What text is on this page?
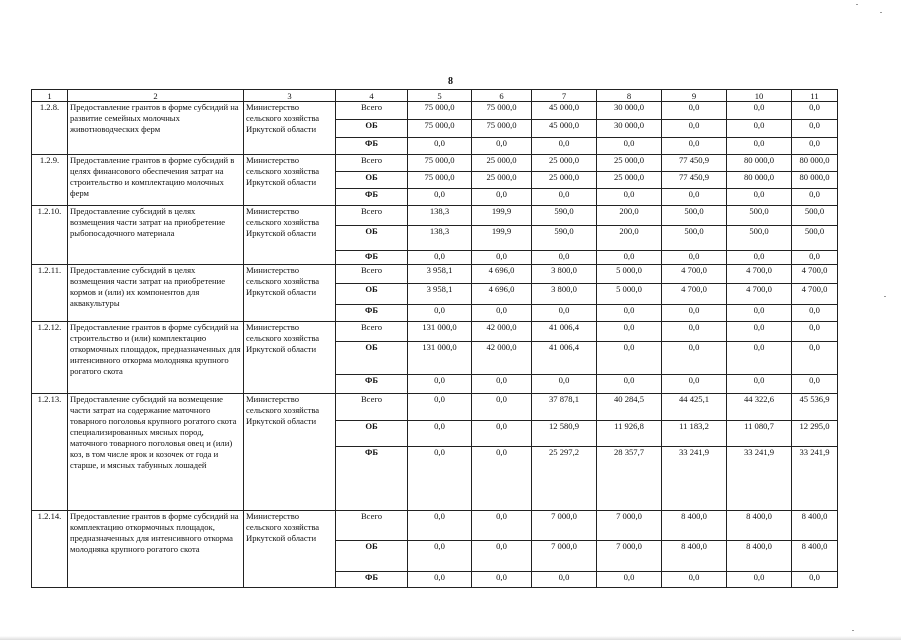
8
1	2	3	4	5	6	7	8	9	10	11
1.2.8.	Предоставление грантов в форме субсидий на развитие семейных молочных животноводческих ферм	Министерство сельского хозяйства Иркутской области	Всего	75 000,0	75 000,0	45 000,0	30 000,0	0,0	0,0	0,0
			ОБ	75 000,0	75 000,0	45 000,0	30 000,0	0,0	0,0	0,0
			ФБ	0,0	0,0	0,0	0,0	0,0	0,0	0,0
1.2.9.	Предоставление грантов в форме субсидий в целях финансового обеспечения затрат на строительство и комплектацию молочных ферм	Министерство сельского хозяйства Иркутской области	Всего	75 000,0	25 000,0	25 000,0	25 000,0	77 450,9	80 000,0	80 000,0
			ОБ	75 000,0	25 000,0	25 000,0	25 000,0	77 450,9	80 000,0	80 000,0
			ФБ	0,0	0,0	0,0	0,0	0,0	0,0	0,0
1.2.10.	Предоставление субсидий в целях возмещения части затрат на приобретение рыбопосадочного материала	Министерство сельского хозяйства Иркутской области	Всего	138,3	199,9	590,0	200,0	500,0	500,0	500,0
			ОБ	138,3	199,9	590,0	200,0	500,0	500,0	500,0
			ФБ	0,0	0,0	0,0	0,0	0,0	0,0	0,0
1.2.11.	Предоставление субсидий в целях возмещения части затрат на приобретение кормов и (или) их компонентов для аквакультуры	Министерство сельского хозяйства Иркутской области	Всего	3 958,1	4 696,0	3 800,0	5 000,0	4 700,0	4 700,0	4 700,0
			ОБ	3 958,1	4 696,0	3 800,0	5 000,0	4 700,0	4 700,0	4 700,0
			ФБ	0,0	0,0	0,0	0,0	0,0	0,0	0,0
1.2.12.	Предоставление грантов в форме субсидий на строительство и (или) комплектацию откормочных площадок, предназначенных для интенсивного откорма молодняка крупного рогатого скота	Министерство сельского хозяйства Иркутской области	Всего	131 000,0	42 000,0	41 006,4	0,0	0,0	0,0	0,0
			ОБ	131 000,0	42 000,0	41 006,4	0,0	0,0	0,0	0,0
			ФБ	0,0	0,0	0,0	0,0	0,0	0,0	0,0
1.2.13.	Предоставление субсидий на возмещение части затрат на содержание маточного товарного поголовья крупного рогатого скота специализированных мясных пород, маточного товарного поголовья овец и (или) коз, в том числе ярок и козочек от года и старше, и мясных табунных лошадей	Министерство сельского хозяйства Иркутской области	Всего	0,0	0,0	37 878,1	40 284,5	44 425,1	44 322,6	45 536,9
			ОБ	0,0	0,0	12 580,9	11 926,8	11 183,2	11 080,7	12 295,0
			ФБ	0,0	0,0	25 297,2	28 357,7	33 241,9	33 241,9	33 241,9
1.2.14.	Предоставление грантов в форме субсидий на комплектацию откормочных площадок, предназначенных для интенсивного откорма молодняка крупного рогатого скота	Министерство сельского хозяйства Иркутской области	Всего	0,0	0,0	7 000,0	7 000,0	8 400,0	8 400,0	8 400,0
			ОБ	0,0	0,0	7 000,0	7 000,0	8 400,0	8 400,0	8 400,0
			ФБ	0,0	0,0	0,0	0,0	0,0	0,0	0,0
